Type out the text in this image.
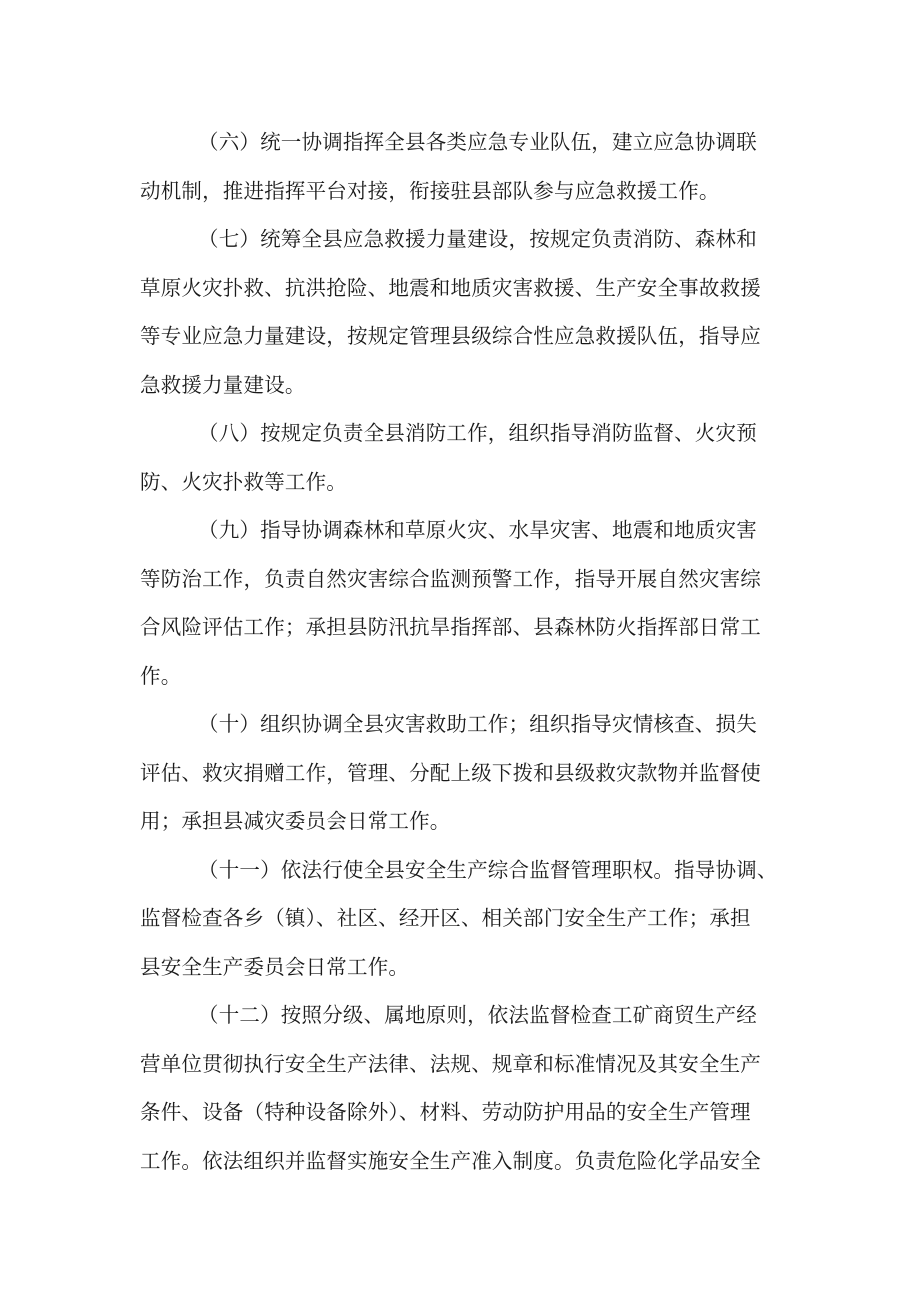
（六）统一协调指挥全县各类应急专业队伍，建立应急协调联
动机制，推进指挥平台对接，衔接驻县部队参与应急救援工作。

（七）统筹全县应急救援力量建设，按规定负责消防、森林和
草原火灾扑救、抗洪抢险、地震和地质灾害救援、生产安全事故救援
等专业应急力量建设，按规定管理县级综合性应急救援队伍，指导应
急救援力量建设。

（八）按规定负责全县消防工作，组织指导消防监督、火灾预
防、火灾扑救等工作。

（九）指导协调森林和草原火灾、水旱灾害、地震和地质灾害
等防治工作，负责自然灾害综合监测预警工作，指导开展自然灾害综
合风险评估工作；承担县防汛抗旱指挥部、县森林防火指挥部日常工
作。

（十）组织协调全县灾害救助工作；组织指导灾情核查、损失
评估、救灾捐赠工作，管理、分配上级下拨和县级救灾款物并监督使
用；承担县减灾委员会日常工作。

（十一）依法行使全县安全生产综合监督管理职权。指导协调、
监督检查各乡（镇）、社区、经开区、相关部门安全生产工作；承担
县安全生产委员会日常工作。

（十二）按照分级、属地原则，依法监督检查工矿商贸生产经
营单位贯彻执行安全生产法律、法规、规章和标准情况及其安全生产
条件、设备（特种设备除外）、材料、劳动防护用品的安全生产管理
工作。依法组织并监督实施安全生产准入制度。负责危险化学品安全
